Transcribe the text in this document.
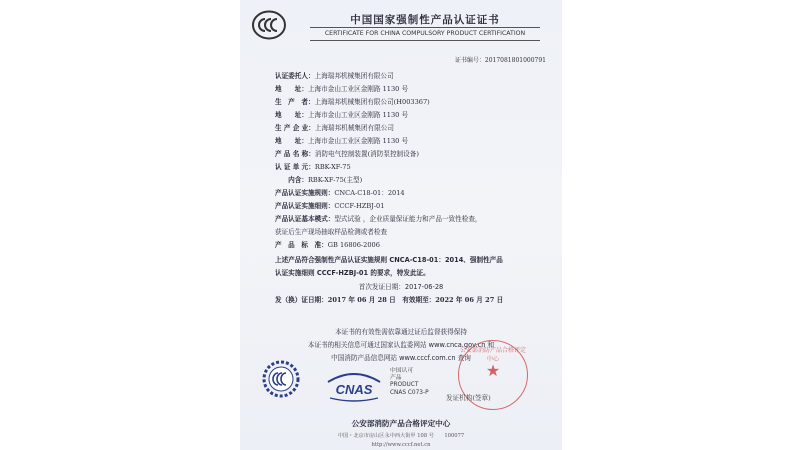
中国国家强制性产品认证证书
CERTIFICATE FOR CHINA COMPULSORY PRODUCT CERTIFICATION
证书编号：2017081801000791
认证委托人：上海瑞邦机械集团有限公司
地　　址：上海市金山工业区金刚路 1130 号
生　产　者：上海瑞邦机械集团有限公司(H003367)
地　　址：上海市金山工业区金刚路 1130 号
生 产 企 业：上海瑞邦机械集团有限公司
地　　址：上海市金山工业区金刚路 1130 号
产 品 名 称：消防电气控制装置(消防泵控制设备)
认 证 单 元：RBK-XF-75
　　内含：RBK-XF-75(主型)
产品认证实施规则：CNCA-C18-01：2014
产品认证实施细则：CCCF-HZBJ-01
产品认证基本模式：型式试验 ，企业质量保证能力和产品一致性检查，
获证后生产现场抽取样品检测或者检查
产　品　标　准：GB 16806-2006
上述产品符合强制性产品认证实施规则 CNCA-C18-01：2014、强制性产品
认证实施细则 CCCF-HZBJ-01 的要求，特发此证。
首次发证日期：2017-06-28
发（换）证日期：2017 年 06 月 28 日　有效期至：2022 年 06 月 27 日
本证书的有效性需依靠通过证后监督获得保持
本证书的相关信息可通过国家认监委网站 www.cnca.gov.cn 和
中国消防产品信息网站 www.cccf.com.cn 查询
公安部消防产品合格评定中心
★
CNAS
中国认可
产品
PRODUCT
CNAS C073-P
发证机构(签章)
公安部消防产品合格评定中心
中国・北京市房山区永中西大街甲 108 号　　100077
http://www.cccf.net.cn
